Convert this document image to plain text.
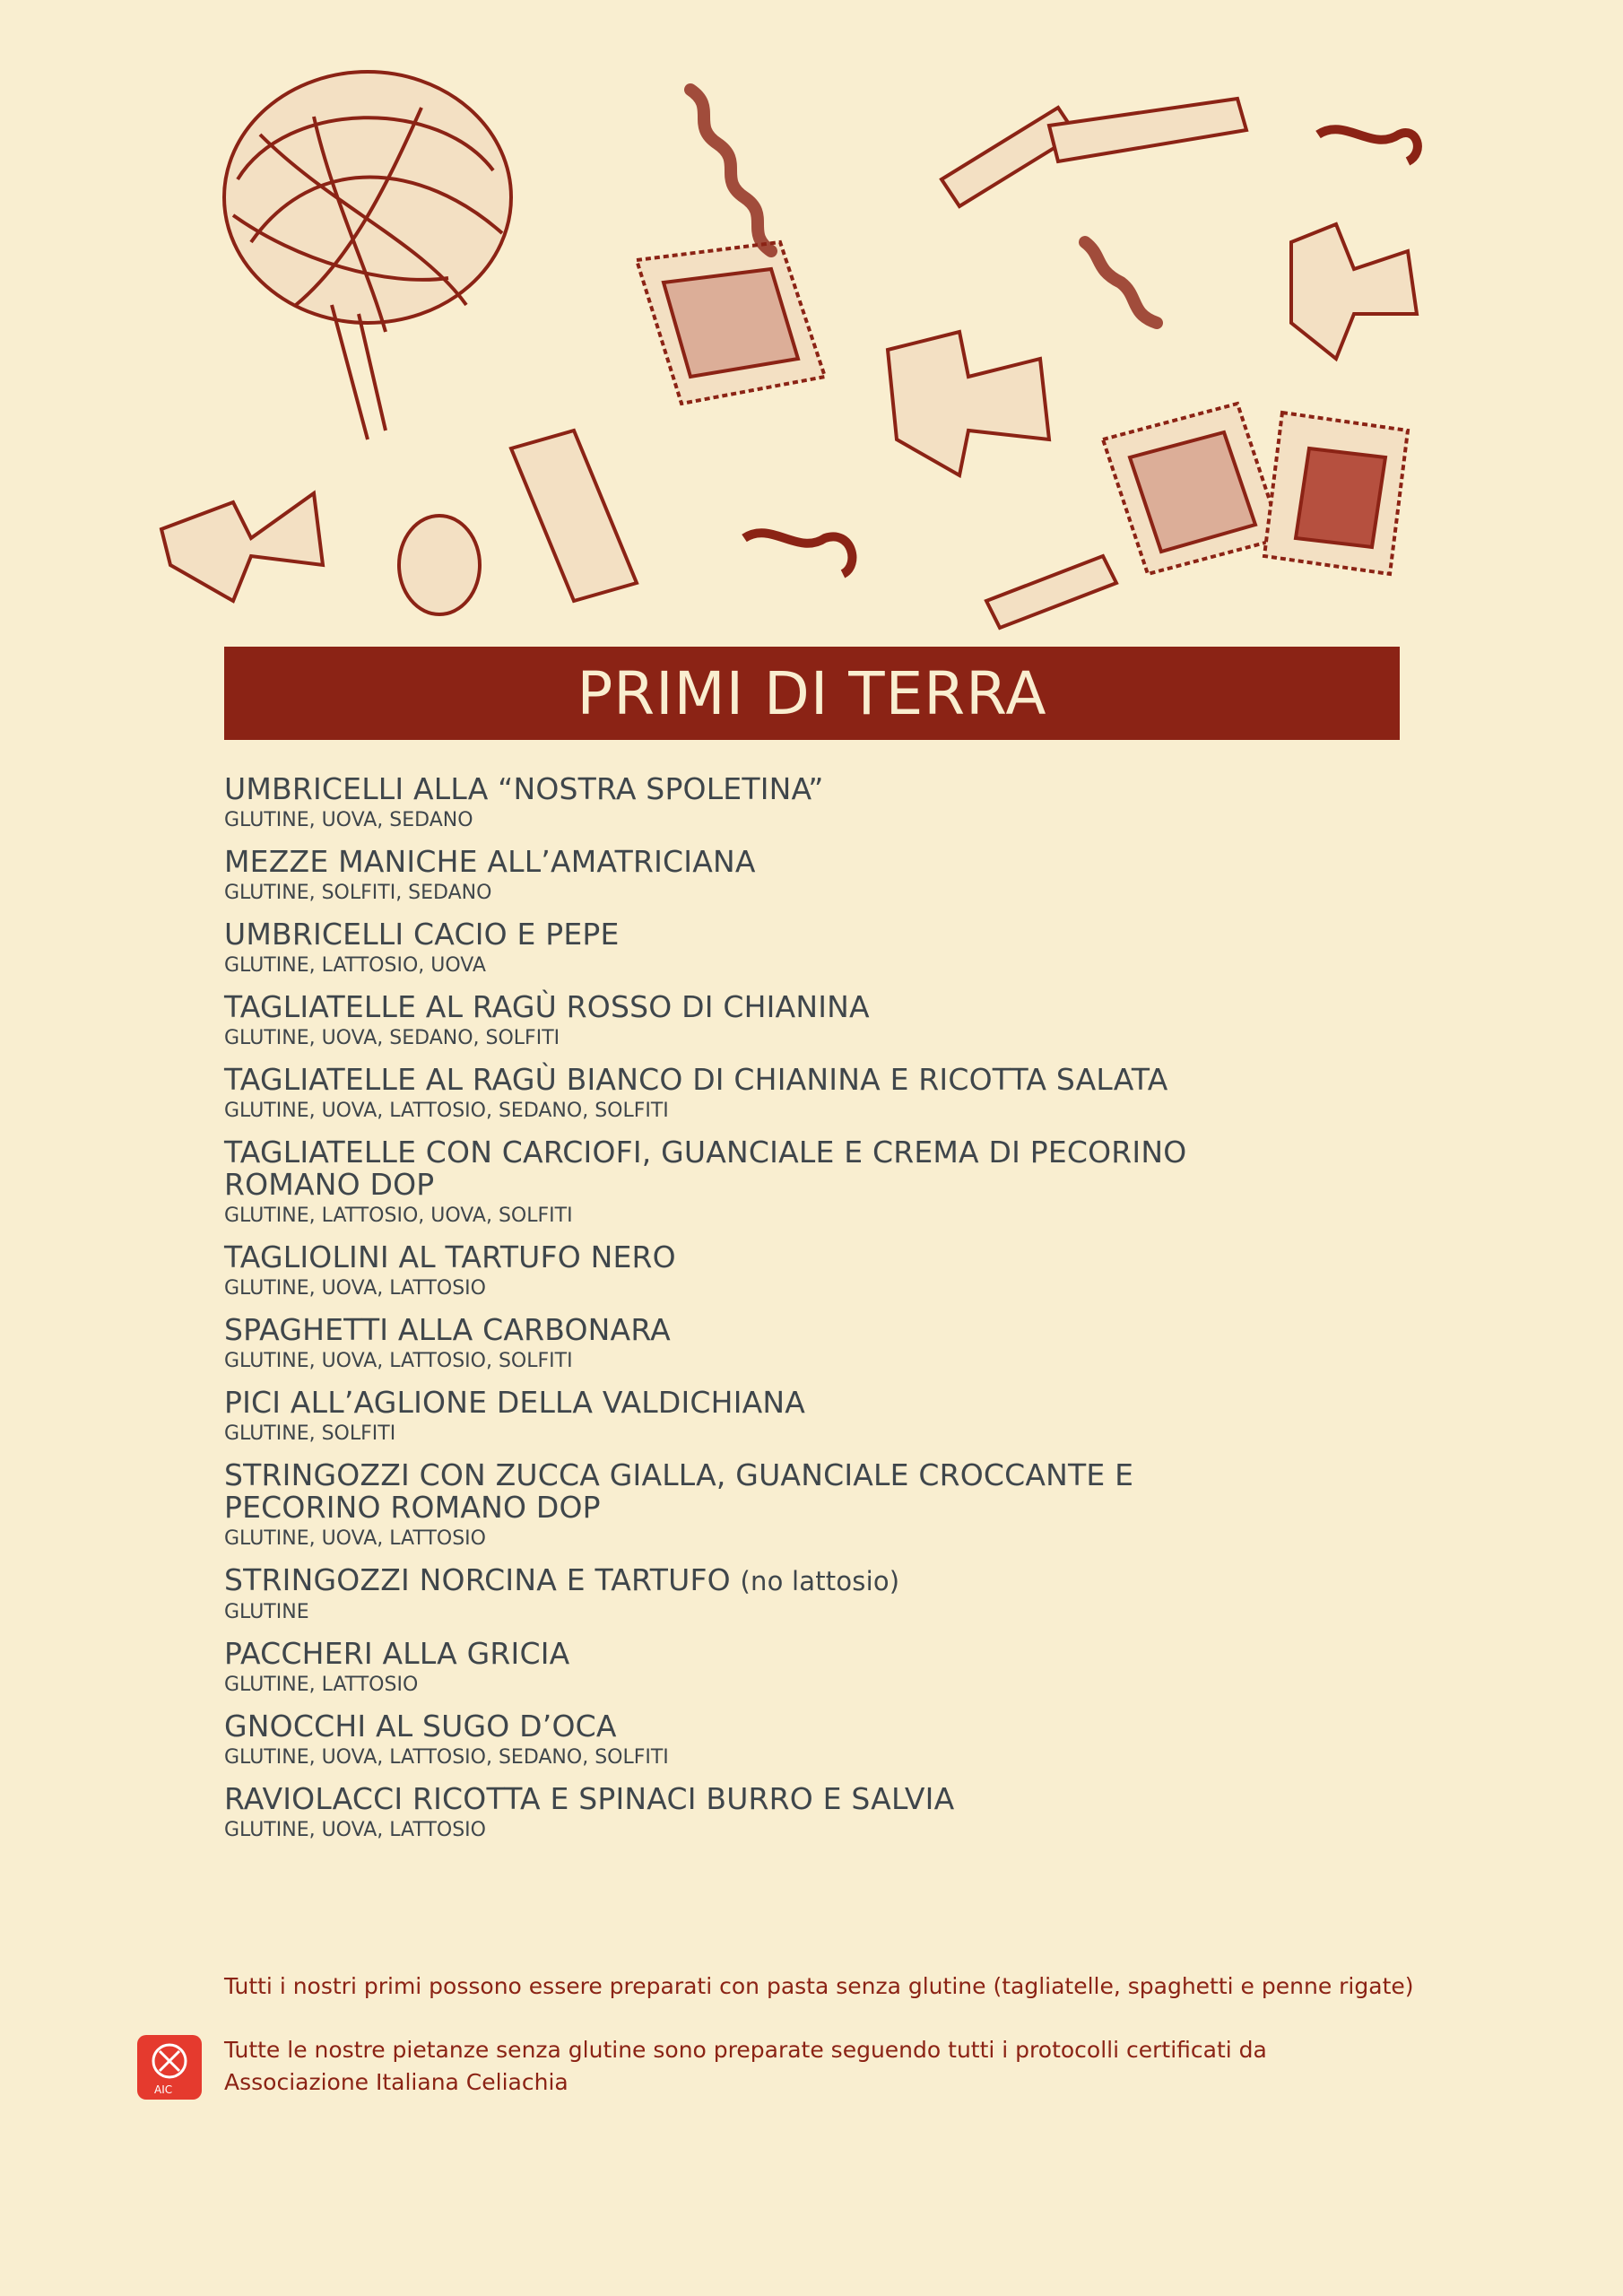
PRIMI DI TERRA
UMBRICELLI ALLA “NOSTRA SPOLETINA”
GLUTINE, UOVA, SEDANO
MEZZE MANICHE ALL’AMATRICIANA
GLUTINE, SOLFITI, SEDANO
UMBRICELLI CACIO E PEPE
GLUTINE, LATTOSIO, UOVA
TAGLIATELLE AL RAGÙ ROSSO DI CHIANINA
GLUTINE, UOVA, SEDANO, SOLFITI
TAGLIATELLE AL RAGÙ BIANCO DI CHIANINA E RICOTTA SALATA
GLUTINE, UOVA, LATTOSIO, SEDANO, SOLFITI
TAGLIATELLE CON CARCIOFI, GUANCIALE E CREMA DI PECORINO
ROMANO DOP
GLUTINE, LATTOSIO, UOVA, SOLFITI
TAGLIOLINI AL TARTUFO NERO
GLUTINE, UOVA, LATTOSIO
SPAGHETTI ALLA CARBONARA
GLUTINE, UOVA, LATTOSIO, SOLFITI
PICI ALL’AGLIONE DELLA VALDICHIANA
GLUTINE, SOLFITI
STRINGOZZI CON ZUCCA GIALLA, GUANCIALE CROCCANTE E
PECORINO ROMANO DOP
GLUTINE, UOVA, LATTOSIO
STRINGOZZI NORCINA E TARTUFO (no lattosio)
GLUTINE
PACCHERI ALLA GRICIA
GLUTINE, LATTOSIO
GNOCCHI AL SUGO D’OCA
GLUTINE, UOVA, LATTOSIO, SEDANO, SOLFITI
RAVIOLACCI RICOTTA E SPINACI BURRO E SALVIA
GLUTINE, UOVA, LATTOSIO
Tutti i nostri primi possono essere preparati con pasta senza glutine (tagliatelle, spaghetti e penne rigate)
AIC
Tutte le nostre pietanze senza glutine sono preparate seguendo tutti i protocolli certificati da
Associazione Italiana Celiachia
